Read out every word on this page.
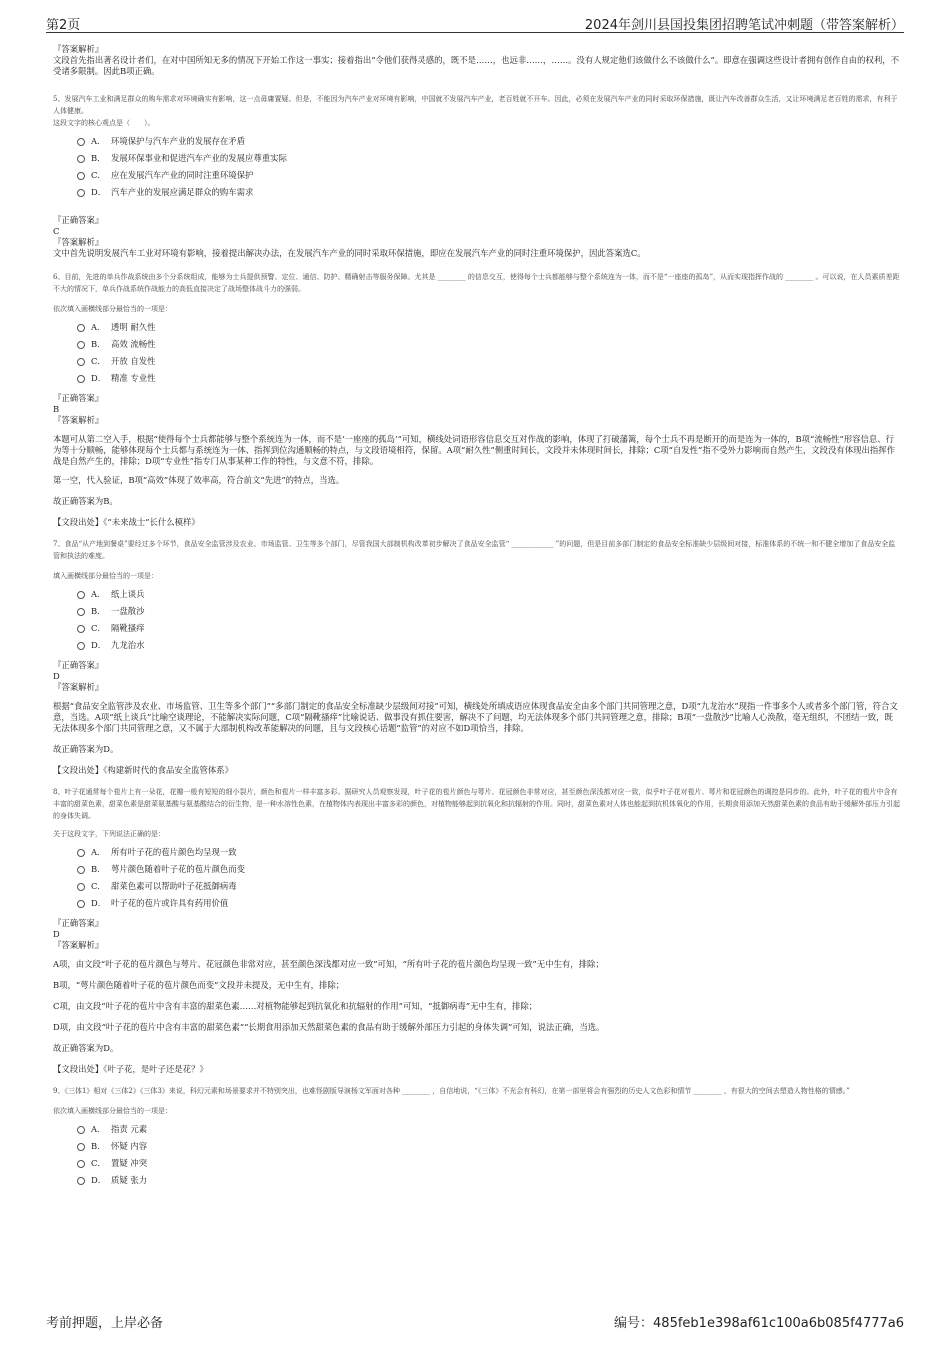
第2页	2024年剑川县国投集团招聘笔试冲刺题（带答案解析）

『答案解析』

文段首先指出著名设计者们，在对中国所知无多的情况下开始工作这一事实；接着指出“令他们获得灵感的，既不是……，也远非……，……。没有人规定他们该做什么不该做什么”。即意在强调这些设计者拥有创作自由的权利，不受诸多限制。因此B项正确。

5、发展汽车工业和满足群众的购车需求对环境确实有影响，这一点毋庸置疑。但是，不能因为汽车产业对环境有影响，中国就不发展汽车产业，老百姓就不开车。因此，必须在发展汽车产业的同时采取环保措施，既让汽车改善群众生活，又让环境满足老百姓的需求，有利于人体健康。

这段文字的核心观点是（　　）。

A． 环境保护与汽车产业的发展存在矛盾
B． 发展环保事业和促进汽车产业的发展应尊重实际
C． 应在发展汽车产业的同时注重环境保护
D． 汽车产业的发展应满足群众的购车需求

『正确答案』

C

『答案解析』

文中首先说明发展汽车工业对环境有影响，接着提出解决办法，在发展汽车产业的同时采取环保措施，即应在发展汽车产业的同时注重环境保护，因此答案选C。

6、目前，先进的单兵作战系统由多个分系统组成，能够为士兵提供预警、定位、通信、防护、精确射击等服务保障。尤其是 ________ 的信息交互，使得每个士兵都能够与整个系统连为一体，而不是“一座座的孤岛”，从而实现指挥作战的 ________ 。可以说，在人员素质差距不大的情况下，单兵作战系统作战能力的高低直接决定了战场整体战斗力的强弱。

依次填入画横线部分最恰当的一项是：

A． 透明 耐久性
B． 高效 流畅性
C． 开放 自发性
D． 精准 专业性

『正确答案』

B

『答案解析』

本题可从第二空入手，根据“使得每个士兵都能够与整个系统连为一体，而不是‘一座座的孤岛’”可知，横线处词语形容信息交互对作战的影响，体现了打破藩篱，每个士兵不再是断开的而是连为一体的，B项“流畅性”形容信息、行为等十分顺畅，能够体现每个士兵都与系统连为一体、指挥到位沟通顺畅的特点，与文段语境相符，保留。A项“耐久性”侧重时间长，文段并未体现时间长，排除；C项“自发性”指不受外力影响而自然产生，文段没有体现出指挥作战是自然产生的，排除；D项“专业性”指专门从事某种工作的特性，与文意不符，排除。

第一空，代入验证，B项“高效”体现了效率高，符合前文“先进”的特点，当选。

故正确答案为B。

【文段出处】《“未来战士”长什么模样》

7、食品“从产地到餐桌”要经过多个环节，食品安全监管涉及农业、市场监管、卫生等多个部门，尽管我国大部制机构改革初步解决了食品安全监管“ ____________ ”的问题，但是目前多部门制定的食品安全标准缺少层级间对接，标准体系的不统一和不健全增加了食品安全监管和执法的难度。

填入画横线部分最恰当的一项是：

A． 纸上谈兵
B． 一盘散沙
C． 隔靴搔痒
D． 九龙治水

『正确答案』

D

『答案解析』

根据“食品安全监管涉及农业、市场监管、卫生等多个部门”“多部门制定的食品安全标准缺少层级间对接”可知，横线处所填成语应体现食品安全由多个部门共同管理之意，D项“九龙治水”现指一件事多个人或者多个部门管，符合文意，当选。A项“纸上谈兵”比喻空谈理论，不能解决实际问题，C项“隔靴搔痒”比喻说话、做事没有抓住要害，解决不了问题，均无法体现多个部门共同管理之意，排除；B项“一盘散沙”比喻人心涣散，毫无组织，不团结一致，既无法体现多个部门共同管理之意，又不属于大部制机构改革能解决的问题，且与文段核心话题“监管”的对应不如D项恰当，排除。

故正确答案为D。

【文段出处】《构建新时代的食品安全监管体系》

8、叶子花通常每个苞片上有一朵花，花瓣一般有短短的细小裂片，颜色和苞片一样丰富多彩。据研究人员观察发现，叶子花的苞片颜色与萼片、花冠颜色非常对应，甚至颜色深浅都对应一致，似乎叶子花对苞片、萼片和花冠颜色的调控是同步的。此外，叶子花的苞片中含有丰富的甜菜色素，甜菜色素是甜菜氨基酸与氨基酸结合的衍生物，是一种水溶性色素，在植物体内表现出丰富多彩的颜色，对植物能够起到抗氧化和抗辐射的作用。同时，甜菜色素对人体也能起到抗机体氧化的作用，长期食用添加天然甜菜色素的食品有助于缓解外部压力引起的身体失调。

关于这段文字，下列说法正确的是：

A． 所有叶子花的苞片颜色均呈现一致
B． 萼片颜色随着叶子花的苞片颜色而变
C． 甜菜色素可以帮助叶子花抵御病毒
D． 叶子花的苞片或许具有药用价值

『正确答案』

D

『答案解析』

A项，由文段“叶子花的苞片颜色与萼片、花冠颜色非常对应，甚至颜色深浅都对应一致”可知，“所有叶子花的苞片颜色均呈现一致”无中生有，排除；

B项，“萼片颜色随着叶子花的苞片颜色而变”文段并未提及，无中生有，排除；

C项，由文段“叶子花的苞片中含有丰富的甜菜色素……对植物能够起到抗氧化和抗辐射的作用”可知，“抵御病毒”无中生有，排除；

D项，由文段“叶子花的苞片中含有丰富的甜菜色素”“长期食用添加天然甜菜色素的食品有助于缓解外部压力引起的身体失调”可知，说法正确，当选。

故正确答案为D。

【文段出处】《叶子花，是叶子还是花？》

9、《三体1》相对《三体2》《三体3》来说，科幻元素和场景要求并不特别突出，也难怪剧版导演杨文军面对各种 ________ ，自信地说，“《三体》不光会有科幻，在第一部里将会有强烈的历史人文色彩和情节 ________ ，有很大的空间去塑造人物性格的情感。”

依次填入画横线部分最恰当的一项是：

A． 指责 元素
B． 怀疑 内容
C． 置疑 冲突
D． 质疑 张力
考前押题，上岸必备	编号：485feb1e398af61c100a6b085f4777a6
